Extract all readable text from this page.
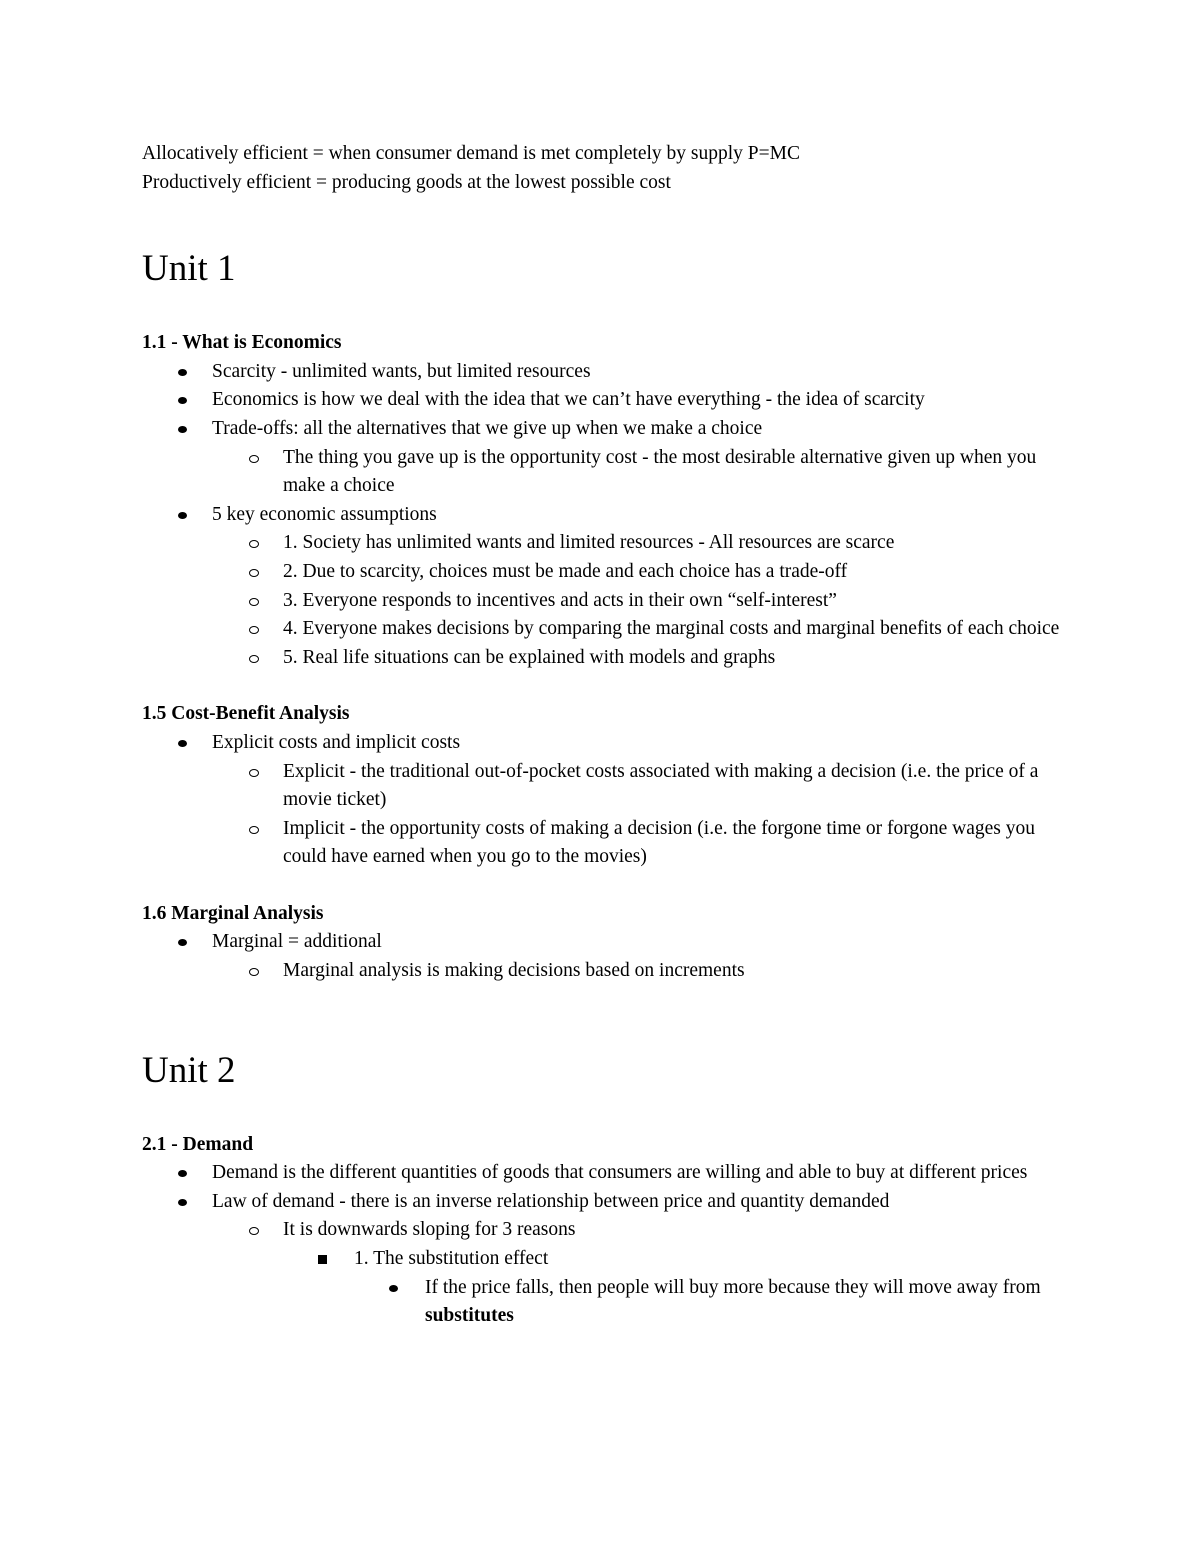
Allocatively efficient = when consumer demand is met completely by supply P=MC

Productively efficient = producing goods at the lowest possible cost

Unit 1

1.1 - What is Economics

Scarcity - unlimited wants, but limited resources
Economics is how we deal with the idea that we can’t have everything - the idea of scarcity
Trade-offs: all the alternatives that we give up when we make a choice
The thing you gave up is the opportunity cost - the most desirable alternative given up when you make a choice
5 key economic assumptions
1. Society has unlimited wants and limited resources - All resources are scarce
2. Due to scarcity, choices must be made and each choice has a trade-off
3. Everyone responds to incentives and acts in their own “self-interest”
4. Everyone makes decisions by comparing the marginal costs and marginal benefits of each choice
5. Real life situations can be explained with models and graphs

1.5 Cost-Benefit Analysis

Explicit costs and implicit costs
Explicit - the traditional out-of-pocket costs associated with making a decision (i.e. the price of a movie ticket)
Implicit - the opportunity costs of making a decision (i.e. the forgone time or forgone wages you could have earned when you go to the movies)

1.6 Marginal Analysis

Marginal = additional
Marginal analysis is making decisions based on increments
Unit 2

2.1 - Demand

Demand is the different quantities of goods that consumers are willing and able to buy at different prices
Law of demand - there is an inverse relationship between price and quantity demanded
It is downwards sloping for 3 reasons
1. The substitution effect
If the price falls, then people will buy more because they will move away from substitutes
